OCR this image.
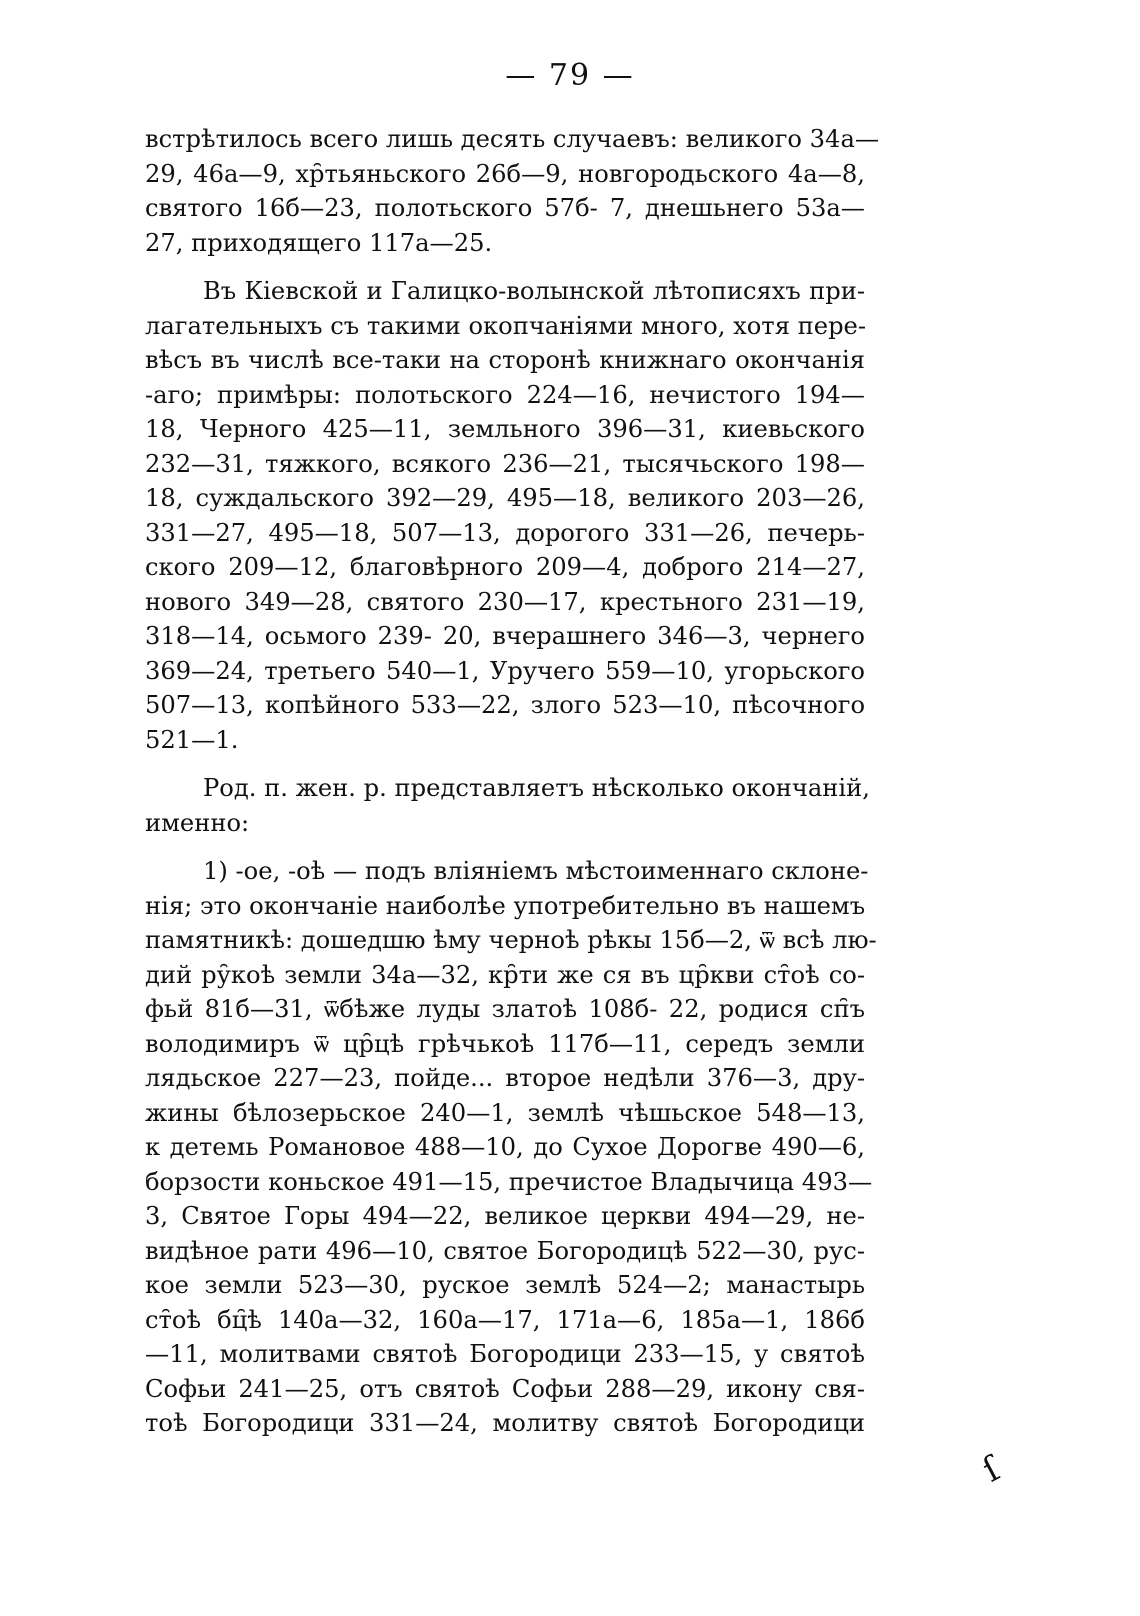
— 79 —

встрѣтилось всего лишь десять случаевъ: великого 34а—
29, 46а—9, хр̑тьяньского 26б—9, новгородьского 4а—8,
святого 16б—23, полотьского 57б- 7, днешьнего 53а—
27, приходящего 117а—25.

Въ Кіевской и Галицко-волынской лѣтописяхъ при-
лагательныхъ съ такими окопчаніями много, хотя пере-
вѣсъ въ числѣ все-таки на сторонѣ книжнаго окончанія
-аго; примѣры: полотьского 224—16, нечистого 194—
18, Черного 425—11, земльного 396—31, киевьского
232—31, тяжкого, всякого 236—21, тысячьского 198—
18, суждальского 392—29, 495—18, великого 203—26,
331—27, 495—18, 507—13, дорогого 331—26, печерь-
ского 209—12, благовѣрного 209—4, доброго 214—27,
нового 349—28, святого 230—17, крестьного 231—19,
318—14, осьмого 239- 20, вчерашнего 346—3, чернего
369—24, третьего 540—1, Уручего 559—10, угорьского
507—13, копѣйного 533—22, злого 523—10, пѣсочного
521—1.

Род. п. жен. р. представляетъ нѣсколько окончаній,
именно:

1) -ое, -оѣ — подъ вліяніемъ мѣстоименнаго склоне-
нія; это окончаніе наиболѣе употребительно въ нашемъ
памятникѣ: дошедшю ѣму черноѣ рѣкы 15б—2, ѿ всѣ лю-
дий ру̑коѣ земли 34а—32, кр̑ти же ся въ цр̑кви ст̑оѣ со-
фьй 81б—31, ѿбѣже луды златоѣ 108б- 22, родися сп̑ъ
володимиръ ѿ цр̑цѣ грѣчькоѣ 117б—11, середъ земли
лядьское 227—23, пойде... второе недѣли 376—3, дру-
жины бѣлозерьское 240—1, землѣ чѣшьское 548—13,
к детемь Романовое 488—10, до Сухое Дорогве 490—6,
борзости коньское 491—15, пречистое Владычица 493—
3, Святое Горы 494—22, великое церкви 494—29, не-
видѣное рати 496—10, святое Богородицѣ 522—30, рус-
кое земли 523—30, руское землѣ 524—2; манастырь
ст̑оѣ бц̑ѣ 140а—32, 160а—17, 171а—6, 185а—1, 186б
—11, молитвами святоѣ Богородици 233—15, у святоѣ
Софьи 241—25, отъ святоѣ Софьи 288—29, икону свя-
тоѣ Богородици 331—24, молитву святоѣ Богородици

ſ
